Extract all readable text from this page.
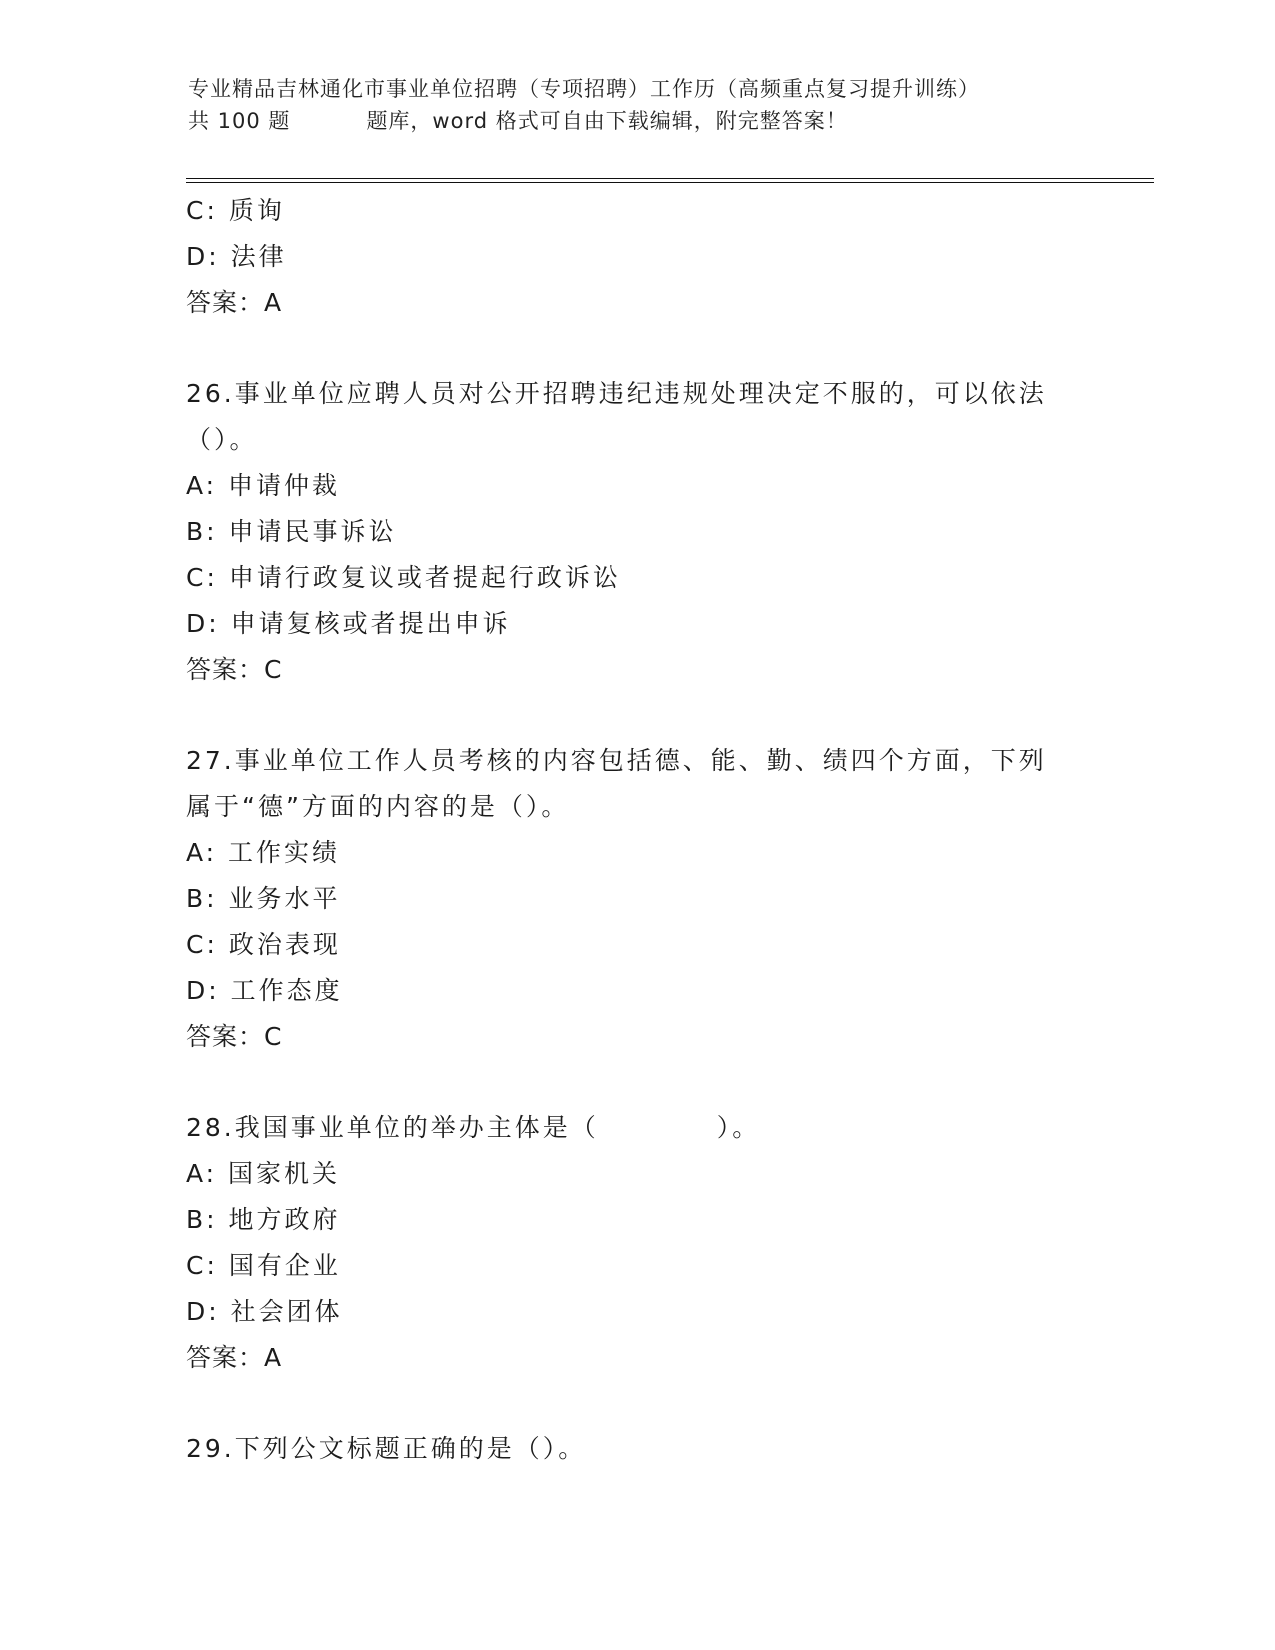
专业精品吉林通化市事业单位招聘（专项招聘）工作历（高频重点复习提升训练）
共 100 题	题库，word 格式可自由下载编辑，附完整答案！
C: 质询
D: 法律
答案：A
26.事业单位应聘人员对公开招聘违纪违规处理决定不服的，可以依法
（）。
A: 申请仲裁
B: 申请民事诉讼
C: 申请行政复议或者提起行政诉讼
D: 申请复核或者提出申诉
答案：C
27.事业单位工作人员考核的内容包括德、能、勤、绩四个方面，下列
属于“德”方面的内容的是（）。
A: 工作实绩
B: 业务水平
C: 政治表现
D: 工作态度
答案：C
28.我国事业单位的举办主体是（	）。
A: 国家机关
B: 地方政府
C: 国有企业
D: 社会团体
答案：A
29.下列公文标题正确的是（）。
